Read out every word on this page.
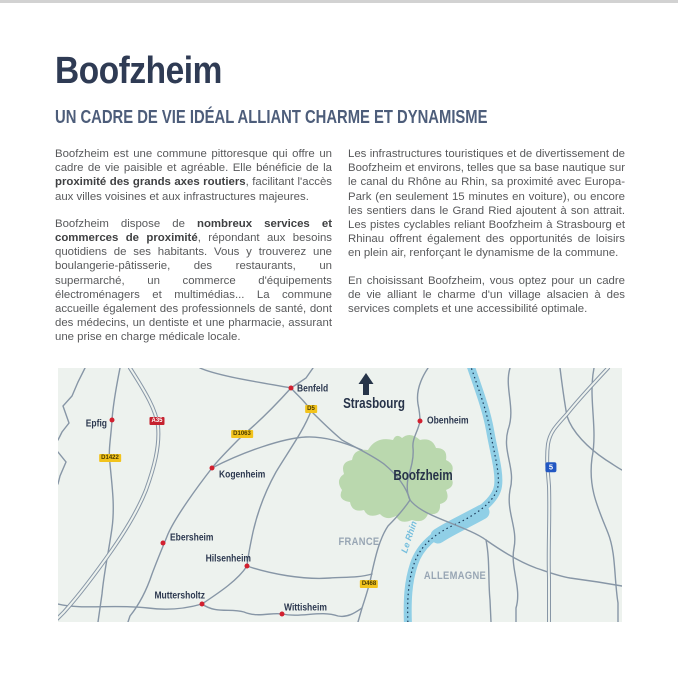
Boofzheim
UN CADRE DE VIE IDÉAL ALLIANT CHARME ET DYNAMISME

Boofzheim est une commune pittoresque qui offre un cadre de vie paisible et agréable. Elle bénéficie de la proximité des grands axes routiers, facilitant l'accès aux villes voisines et aux infrastructures majeures.

Boofzheim dispose de nombreux services et commerces de proximité, répondant aux besoins quotidiens de ses habitants. Vous y trouverez une boulangerie-pâtisserie, des restaurants, un supermarché, un commerce d'équipements électroménagers et multimédias... La commune accueille également des professionnels de santé, dont des médecins, un dentiste et une pharmacie, assurant une prise en charge médicale locale.

Les infrastructures touristiques et de divertissement de Boofzheim et environs, telles que sa base nautique sur le canal du Rhône au Rhin, sa proximité avec Europa-Park (en seulement 15 minutes en voiture), ou encore les sentiers dans le Grand Ried ajoutent à son attrait. Les pistes cyclables reliant Boofzheim à Strasbourg et Rhinau offrent également des opportunités de loisirs en plein air, renforçant le dynamisme de la commune.

En choisissant Boofzheim, vous optez pour un cadre de vie alliant le charme d'un village alsacien à des services complets et une accessibilité optimale.

Epfig
Benfeld
Obenheim
Kogenheim
Ebersheim
Hilsenheim
Muttersholtz
Wittisheim
Strasbourg
Boofzheim
FRANCE
ALLEMAGNE
D1422
A35
D1063
D5
D468
5
Le Rhin
